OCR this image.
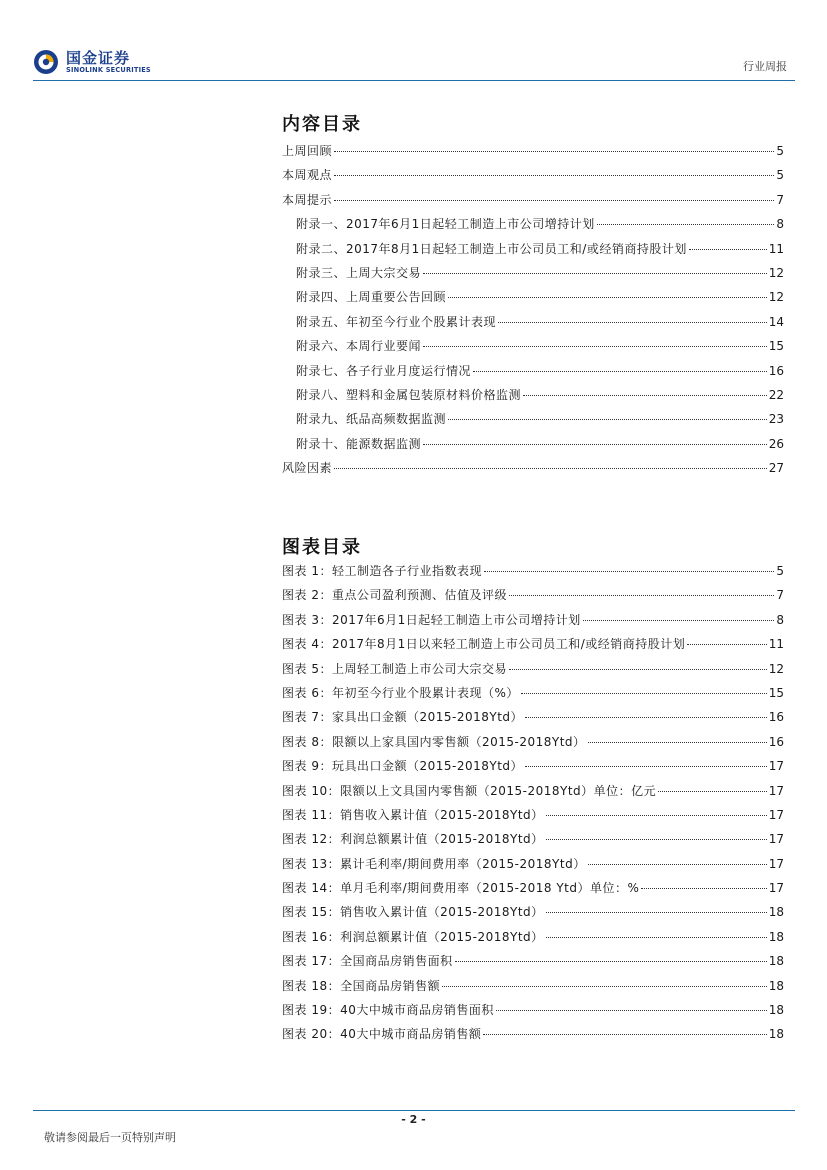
国金证券
SINOLINK SECURITIES	行业周报
内容目录
上周回顾	5
本周观点	5
本周提示	7
附录一、2017年6月1日起轻工制造上市公司增持计划	8
附录二、2017年8月1日起轻工制造上市公司员工和/或经销商持股计划	11
附录三、上周大宗交易	12
附录四、上周重要公告回顾	12
附录五、年初至今行业个股累计表现	14
附录六、本周行业要闻	15
附录七、各子行业月度运行情况	16
附录八、塑料和金属包装原材料价格监测	22
附录九、纸品高频数据监测	23
附录十、能源数据监测	26
风险因素	27
图表目录
图表 1：轻工制造各子行业指数表现	5
图表 2：重点公司盈利预测、估值及评级	7
图表 3：2017年6月1日起轻工制造上市公司增持计划	8
图表 4：2017年8月1日以来轻工制造上市公司员工和/或经销商持股计划	11
图表 5：上周轻工制造上市公司大宗交易	12
图表 6：年初至今行业个股累计表现（%）	15
图表 7：家具出口金额（2015-2018Ytd）	16
图表 8：限额以上家具国内零售额（2015-2018Ytd）	16
图表 9：玩具出口金额（2015-2018Ytd）	17
图表 10：限额以上文具国内零售额（2015-2018Ytd）单位：亿元	17
图表 11：销售收入累计值（2015-2018Ytd）	17
图表 12：利润总额累计值（2015-2018Ytd）	17
图表 13：累计毛利率/期间费用率（2015-2018Ytd）	17
图表 14：单月毛利率/期间费用率（2015-2018 Ytd）单位：%	17
图表 15：销售收入累计值（2015-2018Ytd）	18
图表 16：利润总额累计值（2015-2018Ytd）	18
图表 17：全国商品房销售面积	18
图表 18：全国商品房销售额	18
图表 19：40大中城市商品房销售面积	18
图表 20：40大中城市商品房销售额	18
- 2 -
敬请参阅最后一页特别声明
